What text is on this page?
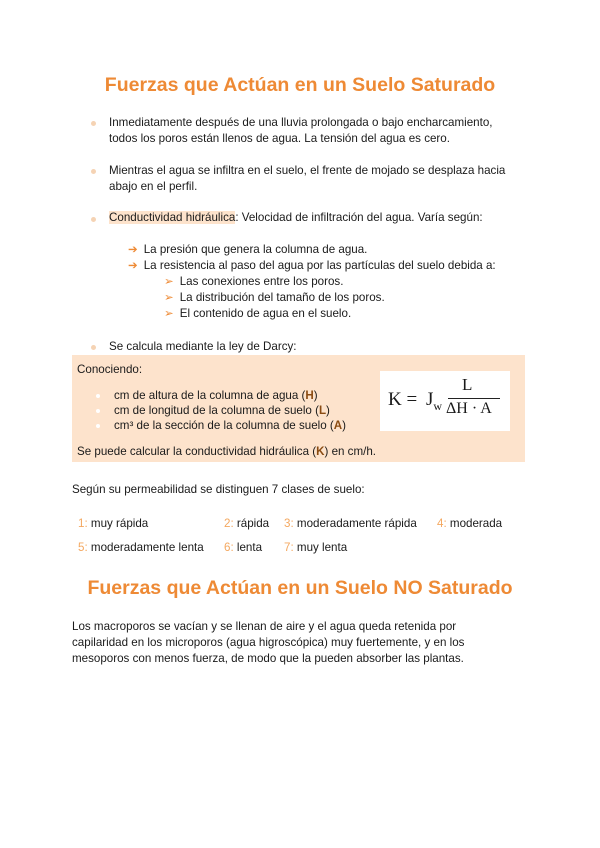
Fuerzas que Actúan en un Suelo Saturado
Inmediatamente después de una lluvia prolongada o bajo encharcamiento,
todos los poros están llenos de agua. La tensión del agua es cero.
Mientras el agua se infiltra en el suelo, el frente de mojado se desplaza hacia
abajo en el perfil.
Conductividad hidráulica: Velocidad de infiltración del agua. Varía según:
➔ La presión que genera la columna de agua.
➔ La resistencia al paso del agua por las partículas del suelo debida a:
➢ Las conexiones entre los poros.
➢ La distribución del tamaño de los poros.
➢ El contenido de agua en el suelo.
Se calcula mediante la ley de Darcy:
Conociendo:
cm de altura de la columna de agua (H)
cm de longitud de la columna de suelo (L)
cm³ de la sección de la columna de suelo (A)
Se puede calcular la conductividad hidráulica (K) en cm/h.
$K = J_w$
L
ΔH · A
Según su permeabilidad se distinguen 7 clases de suelo:
1: muy rápida	2: rápida 3: moderadamente rápida 4: moderada
5: moderadamente lenta 6: lenta 7: muy lenta
Fuerzas que Actúan en un Suelo NO Saturado
Los macroporos se vacían y se llenan de aire y el agua queda retenida por
capilaridad en los microporos (agua higroscópica) muy fuertemente, y en los
mesoporos con menos fuerza, de modo que la pueden absorber las plantas.
